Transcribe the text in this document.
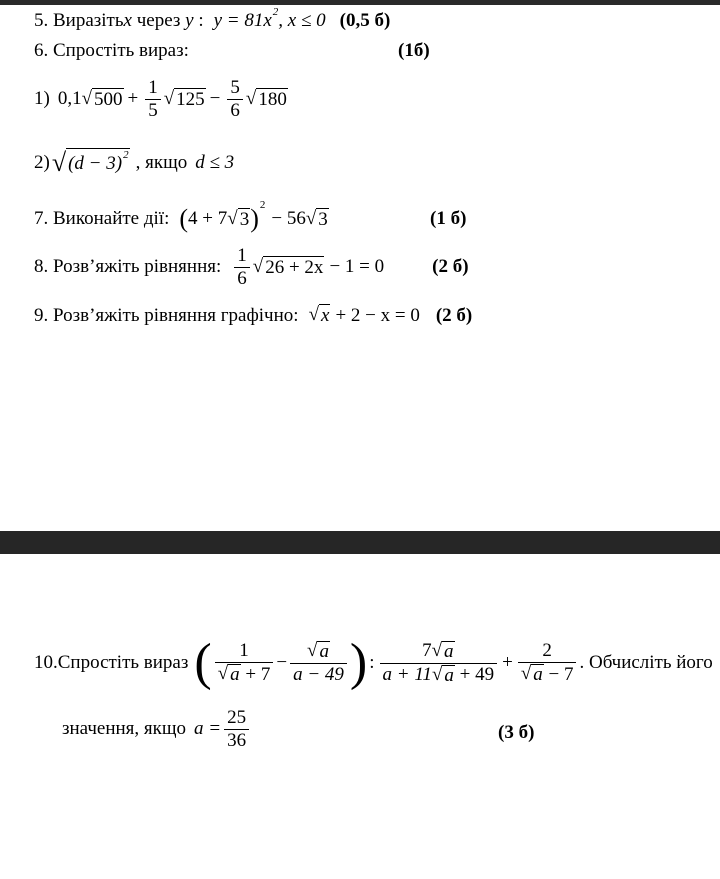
5. Виразіть x через y : $y = 81x^2$ , x ≤ 0 (0,5 б)
6. Спростіть вираз:	(1б)
1) 0,1 √ $500 + \frac{1}{5}$ √ $125 - \frac{5}{6}$ √ 180
2) √ $(d - 3)^2$ , якщо d ≤ 3
7. Виконайте дії: ( 4 + 7 √ 3 )$^2$
− 56 √ 3	(1 б)
8. Розв’яжіть рівняння: $\frac{1}{6}$ √ 26 + 2x − 1 = 0	(2 б)
9. Розв’яжіть рівняння графічно: √ x + 2 − x = 0 (2 б)
10.Спростіть вираз ( $\frac{1}{√ a + 7} - \frac{√ a}{a - 49}$ ) : $\frac{7 √ a}{a + 11 √ a + 49} + \frac{2}{√ a - 7}$ . Обчисліть його
значення, якщо $a = \frac{25}{36}$	(3 б)
